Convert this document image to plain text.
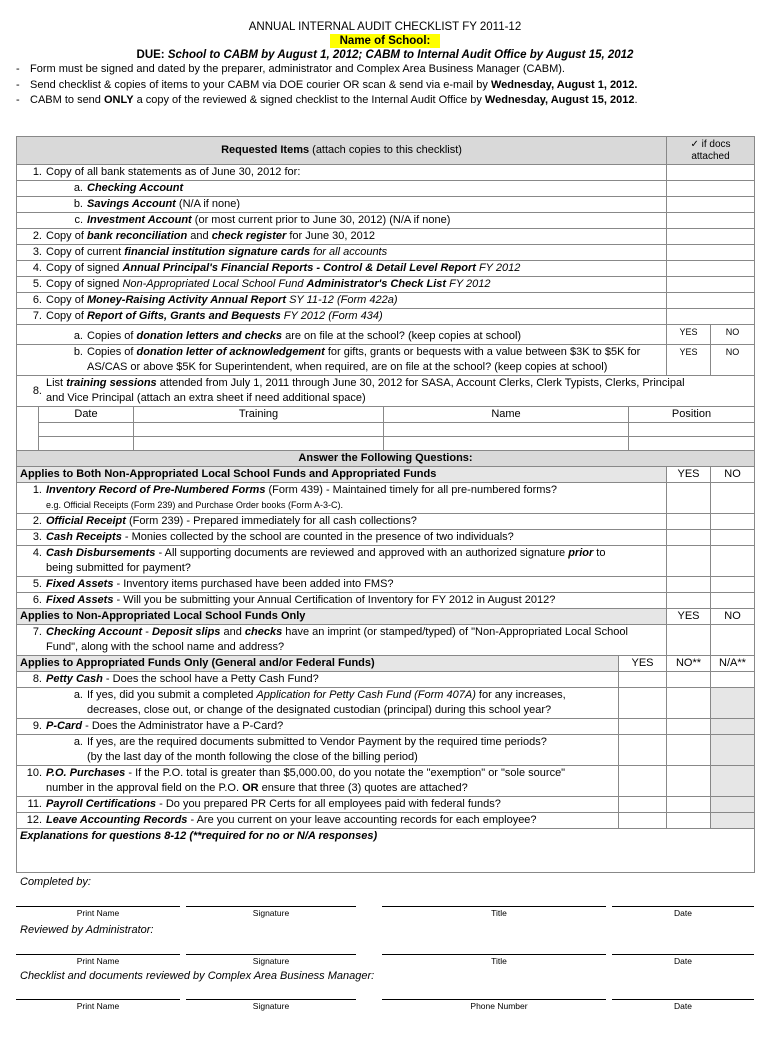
ANNUAL INTERNAL AUDIT CHECKLIST FY 2011-12
Name of School:
DUE: School to CABM by August 1, 2012; CABM to Internal Audit Office by August 15, 2012
- Form must be signed and dated by the preparer, administrator and Complex Area Business Manager (CABM).
- Send checklist & copies of items to your CABM via DOE courier OR scan & send via e-mail by Wednesday, August 1, 2012.
- CABM to send ONLY a copy of the reviewed & signed checklist to the Internal Audit Office by Wednesday, August 15, 2012.
Requested Items (attach copies to this checklist)	✓ if docs attached	
1. Copy of all bank statements as of June 30, 2012 for:		
a. Checking Account		
b. Savings Account (N/A if none)		
c. Investment Account (or most current prior to June 30, 2012) (N/A if none)		
2. Copy of bank reconciliation and check register for June 30, 2012		
3. Copy of current financial institution signature cards for all accounts		
4. Copy of signed Annual Principal's Financial Reports - Control & Detail Level Report FY 2012		
5. Copy of signed Non-Appropriated Local School Fund Administrator's Check List FY 2012		
6. Copy of Money-Raising Activity Annual Report SY 11-12 (Form 422a)		
7. Copy of Report of Gifts, Grants and Bequests FY 2012 (Form 434)		
a. Copies of donation letters and checks are on file at the school? (keep copies at school)	YES	NO
b. Copies of donation letter of acknowledgement for gifts, grants or bequests with a value between $3K to $5K for
AS/CAS or above $5K for Superintendent, when required, are on file at the school? (keep copies at school)	YES	NO
8.List training sessions attended from July 1, 2011 through June 30, 2012 for SASA, Account Clerks, Clerk Typists, Clerks, Principal
and Vice Principal (attach an extra sheet if need additional space)		
	Date	Training	Name	Position

Answer the Following Questions:			
Applies to Both Non-Appropriated Local School Funds and Appropriated Funds		YES	NO
1. Inventory Record of Pre-Numbered Forms (Form 439) - Maintained timely for all pre-numbered forms?
e.g. Official Receipts (Form 239) and Purchase Order books (Form A-3-C).			
2. Official Receipt (Form 239) - Prepared immediately for all cash collections?			
3. Cash Receipts - Monies collected by the school are counted in the presence of two individuals?			
4. Cash Disbursements - All supporting documents are reviewed and approved with an authorized signature prior to
being submitted for payment?			
5. Fixed Assets - Inventory items purchased have been added into FMS?			
6. Fixed Assets - Will you be submitting your Annual Certification of Inventory for FY 2012 in August 2012?			
Applies to Non-Appropriated Local School Funds Only		YES	NO
7. Checking Account - Deposit slips and checks have an imprint (or stamped/typed) of "Non-Appropriated Local School
Fund", along with the school name and address?			
Applies to Appropriated Funds Only (General and/or Federal Funds)	YES	NO**	N/A**
8. Petty Cash - Does the school have a Petty Cash Fund?			
a. If yes, did you submit a completed Application for Petty Cash Fund (Form 407A) for any increases,
decreases, close out, or change of the designated custodian (principal) during this school year?			
9. P-Card - Does the Administrator have a P-Card?			
a. If yes, are the required documents submitted to Vendor Payment by the required time periods?
(by the last day of the month following the close of the billing period)			
10. P.O. Purchases - If the P.O. total is greater than $5,000.00, do you notate the "exemption" or "sole source"
number in the approval field on the P.O. OR ensure that three (3) quotes are attached?			
11. Payroll Certifications - Do you prepared PR Certs for all employees paid with federal funds?			
12. Leave Accounting Records - Are you current on your leave accounting records for each employee?			
Explanations for questions 8-12 (**required for no or N/A responses)			
Completed by:
Reviewed by Administrator:
Checklist and documents reviewed by Complex Area Business Manager:
Print Name	Signature	Title	Date
Print Name	Signature	Title	Date
Print Name	Signature	Phone Number	Date
